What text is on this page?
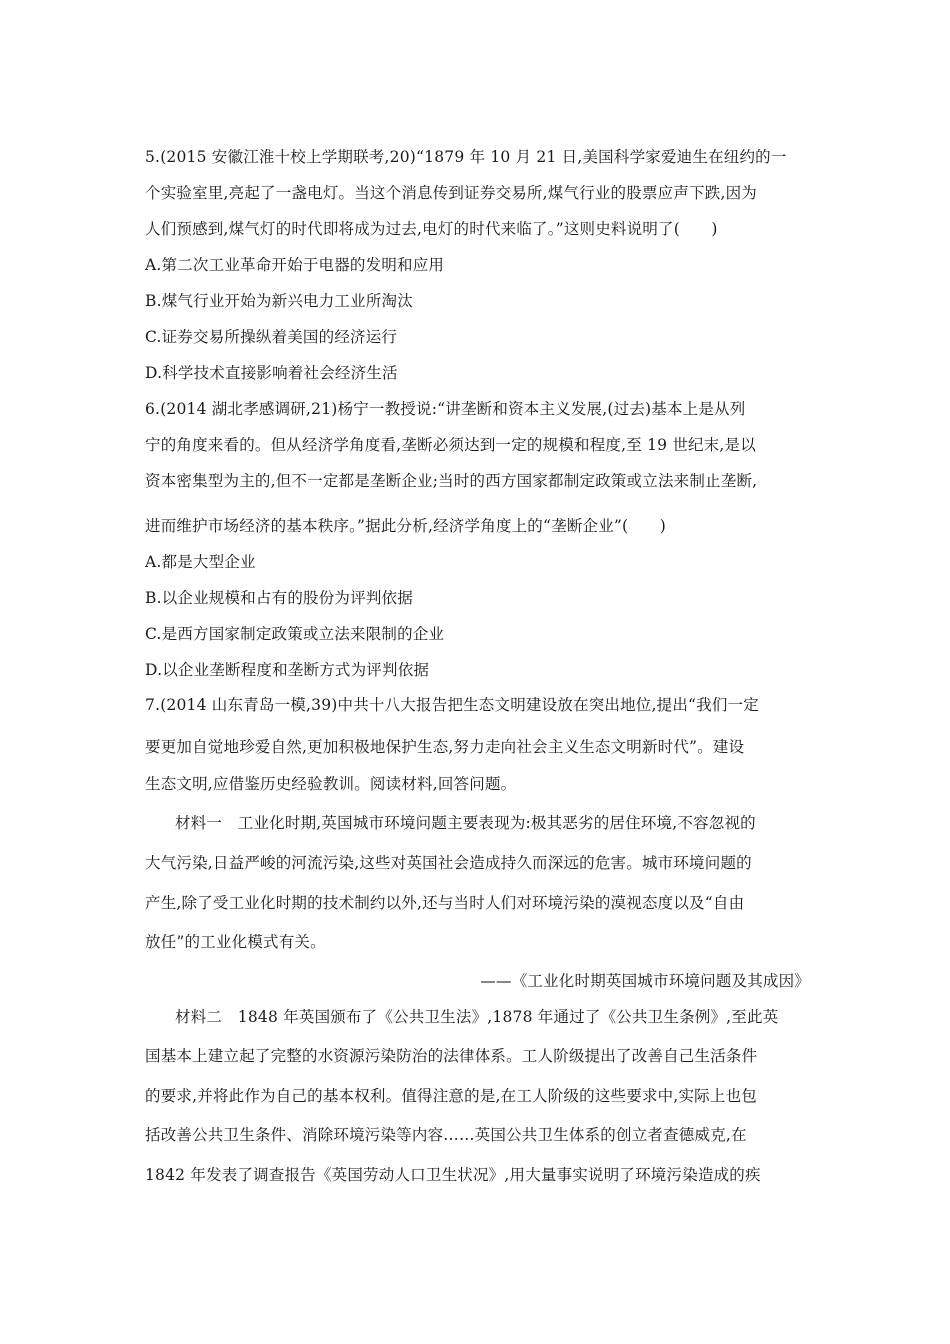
5.(2015 安徽江淮十校上学期联考,20)“1879 年 10 月 21 日,美国科学家爱迪生在纽约的一
个实验室里,亮起了一盏电灯。当这个消息传到证券交易所,煤气行业的股票应声下跌,因为
人们预感到,煤气灯的时代即将成为过去,电灯的时代来临了。”这则史料说明了(　　)
A.第二次工业革命开始于电器的发明和应用
B.煤气行业开始为新兴电力工业所淘汰
C.证券交易所操纵着美国的经济运行
D.科学技术直接影响着社会经济生活
6.(2014 湖北孝感调研,21)杨宁一教授说:“讲垄断和资本主义发展,(过去)基本上是从列
宁的角度来看的。但从经济学角度看,垄断必须达到一定的规模和程度,至 19 世纪末,是以
资本密集型为主的,但不一定都是垄断企业;当时的西方国家都制定政策或立法来制止垄断,
进而维护市场经济的基本秩序。”据此分析,经济学角度上的“垄断企业”(　　)
A.都是大型企业
B.以企业规模和占有的股份为评判依据
C.是西方国家制定政策或立法来限制的企业
D.以企业垄断程度和垄断方式为评判依据
7.(2014 山东青岛一模,39)中共十八大报告把生态文明建设放在突出地位,提出“我们一定
要更加自觉地珍爱自然,更加积极地保护生态,努力走向社会主义生态文明新时代”。建设
生态文明,应借鉴历史经验教训。阅读材料,回答问题。
材料一　工业化时期,英国城市环境问题主要表现为:极其恶劣的居住环境,不容忽视的
大气污染,日益严峻的河流污染,这些对英国社会造成持久而深远的危害。城市环境问题的
产生,除了受工业化时期的技术制约以外,还与当时人们对环境污染的漠视态度以及“自由
放任”的工业化模式有关。
——《工业化时期英国城市环境问题及其成因》
材料二　1848 年英国颁布了《公共卫生法》,1878 年通过了《公共卫生条例》,至此英
国基本上建立起了完整的水资源污染防治的法律体系。工人阶级提出了改善自己生活条件
的要求,并将此作为自己的基本权利。值得注意的是,在工人阶级的这些要求中,实际上也包
括改善公共卫生条件、消除环境污染等内容……英国公共卫生体系的创立者查德威克,在
1842 年发表了调查报告《英国劳动人口卫生状况》,用大量事实说明了环境污染造成的疾
